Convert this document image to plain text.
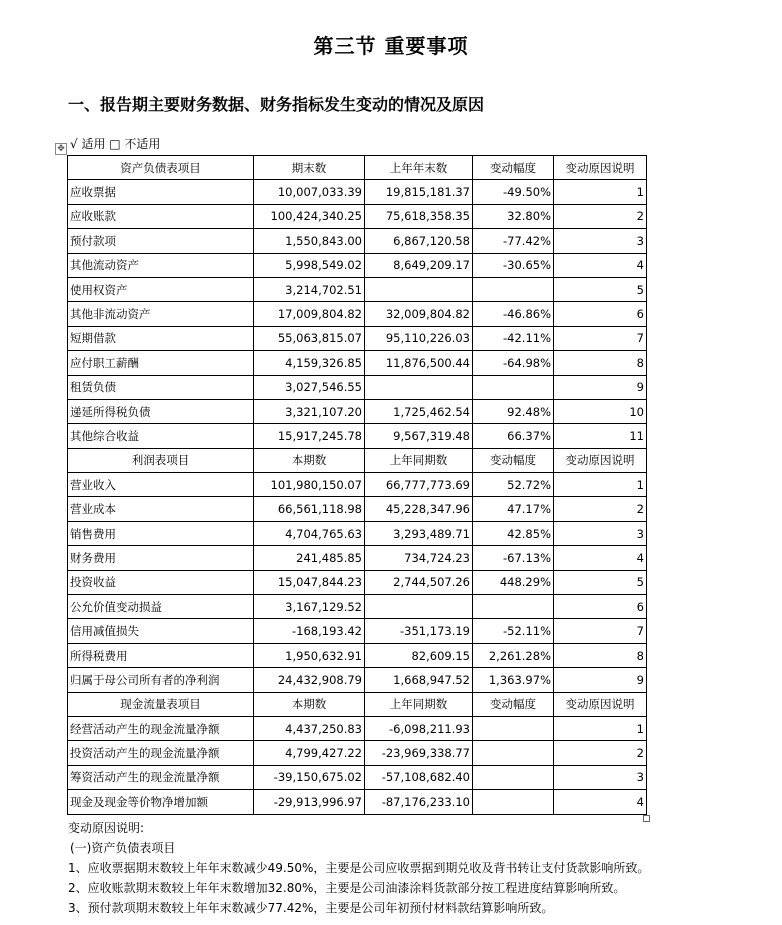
第三节 重要事项
一、报告期主要财务数据、财务指标发生变动的情况及原因
√ 适用 □ 不适用
✥
资产负债表项目	期末数	上年年末数	变动幅度	变动原因说明
应收票据	10,007,033.39	19,815,181.37	-49.50%	1
应收账款	100,424,340.25	75,618,358.35	32.80%	2
预付款项	1,550,843.00	6,867,120.58	-77.42%	3
其他流动资产	5,998,549.02	8,649,209.17	-30.65%	4
使用权资产	3,214,702.51			5
其他非流动资产	17,009,804.82	32,009,804.82	-46.86%	6
短期借款	55,063,815.07	95,110,226.03	-42.11%	7
应付职工薪酬	4,159,326.85	11,876,500.44	-64.98%	8
租赁负债	3,027,546.55			9
递延所得税负债	3,321,107.20	1,725,462.54	92.48%	10
其他综合收益	15,917,245.78	9,567,319.48	66.37%	11
利润表项目	本期数	上年同期数	变动幅度	变动原因说明
营业收入	101,980,150.07	66,777,773.69	52.72%	1
营业成本	66,561,118.98	45,228,347.96	47.17%	2
销售费用	4,704,765.63	3,293,489.71	42.85%	3
财务费用	241,485.85	734,724.23	-67.13%	4
投资收益	15,047,844.23	2,744,507.26	448.29%	5
公允价值变动损益	3,167,129.52			6
信用减值损失	-168,193.42	-351,173.19	-52.11%	7
所得税费用	1,950,632.91	82,609.15	2,261.28%	8
归属于母公司所有者的净利润	24,432,908.79	1,668,947.52	1,363.97%	9
现金流量表项目	本期数	上年同期数	变动幅度	变动原因说明
经营活动产生的现金流量净额	4,437,250.83	-6,098,211.93		1
投资活动产生的现金流量净额	4,799,427.22	-23,969,338.77		2
筹资活动产生的现金流量净额	-39,150,675.02	-57,108,682.40		3
现金及现金等价物净增加额	-29,913,996.97	-87,176,233.10		4
变动原因说明:
(一)资产负债表项目
1、应收票据期末数较上年年末数减少49.50%，主要是公司应收票据到期兑收及背书转让支付货款影响所致。
2、应收账款期末数较上年年末数增加32.80%，主要是公司油漆涂料货款部分按工程进度结算影响所致。
3、预付款项期末数较上年年末数减少77.42%，主要是公司年初预付材料款结算影响所致。
